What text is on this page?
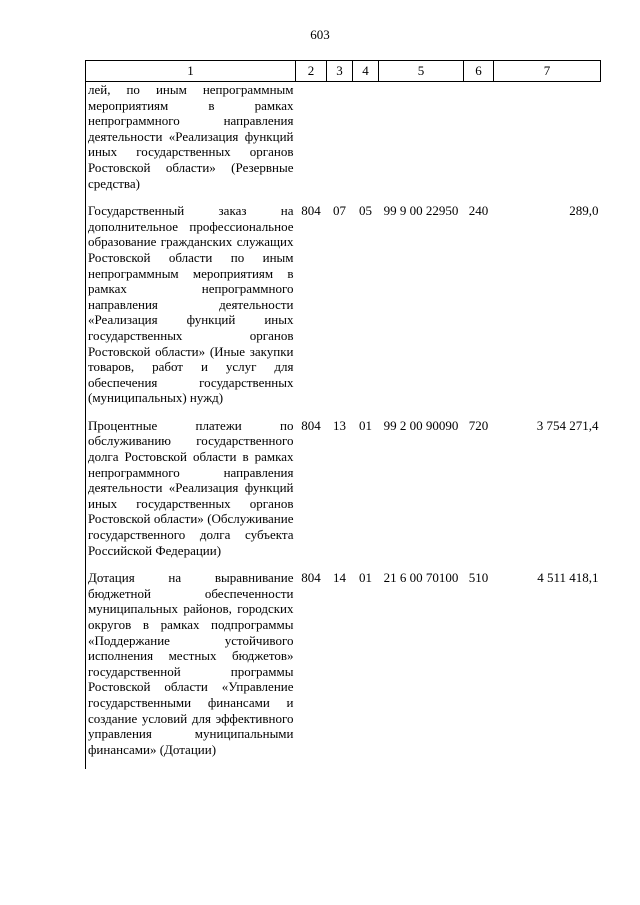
603
1	2	3	4	5	6	7
лей, по иным непрограммным мероприятиям в рамках непрограммного направления деятельности «Реализация функций иных государственных органов Ростовской области» (Резервные средства)						
Государственный заказ на дополнительное профессиональное образование гражданских служащих Ростовской области по иным непрограммным мероприятиям в рамках непрограммного направления деятельности «Реализация функций иных государственных органов Ростовской области» (Иные закупки товаров, работ и услуг для обеспечения государственных (муниципальных) нужд)	804	07	05	99 9 00 22950	240	289,0
Процентные платежи по обслуживанию государственного долга Ростовской области в рамках непрограммного направления деятельности «Реализация функций иных государственных органов Ростовской области» (Обслуживание государственного долга субъекта Российской Федерации)	804	13	01	99 2 00 90090	720	3 754 271,4
Дотация на выравнивание бюджетной обеспеченности муниципальных районов, городских округов в рамках подпрограммы «Поддержание устойчивого исполнения местных бюджетов» государственной программы Ростовской области «Управление государственными финансами и создание условий для эффективного управления муниципальными финансами» (Дотации)	804	14	01	21 6 00 70100	510	4 511 418,1
